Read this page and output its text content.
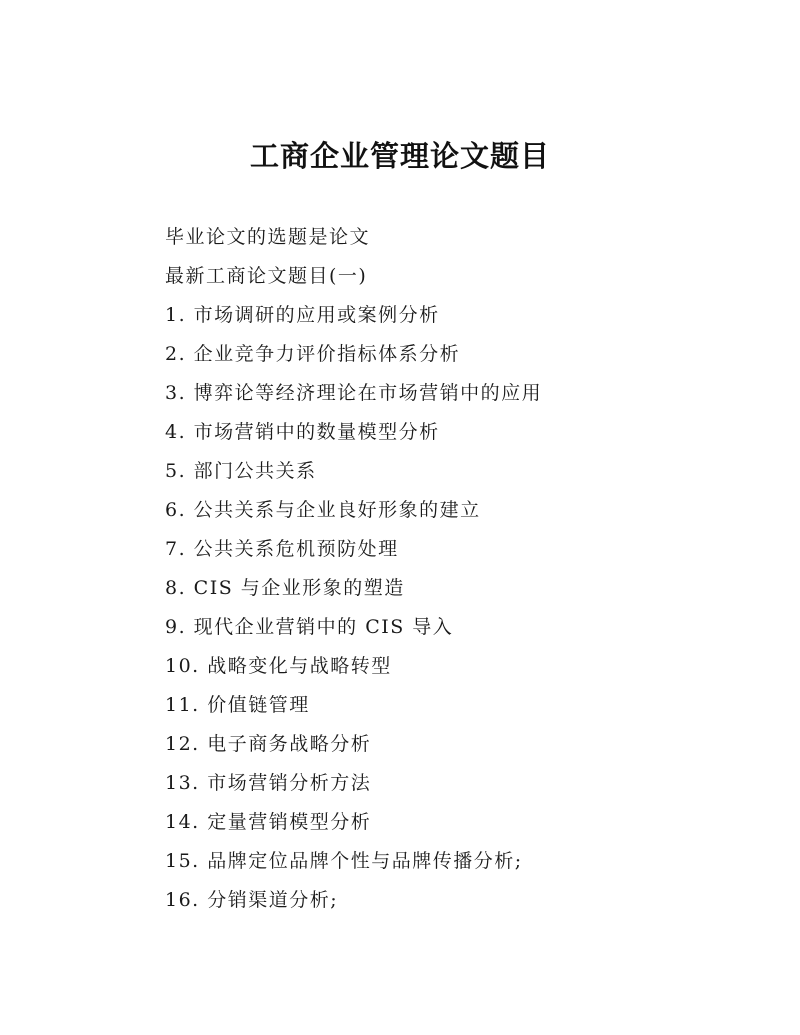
工商企业管理论文题目
毕业论文的选题是论文
最新工商论文题目(一)
1. 市场调研的应用或案例分析
2. 企业竞争力评价指标体系分析
3. 博弈论等经济理论在市场营销中的应用
4. 市场营销中的数量模型分析
5. 部门公共关系
6. 公共关系与企业良好形象的建立
7. 公共关系危机预防处理
8. CIS 与企业形象的塑造
9. 现代企业营销中的 CIS 导入
10. 战略变化与战略转型
11. 价值链管理
12. 电子商务战略分析
13. 市场营销分析方法
14. 定量营销模型分析
15. 品牌定位品牌个性与品牌传播分析;
16. 分销渠道分析;
